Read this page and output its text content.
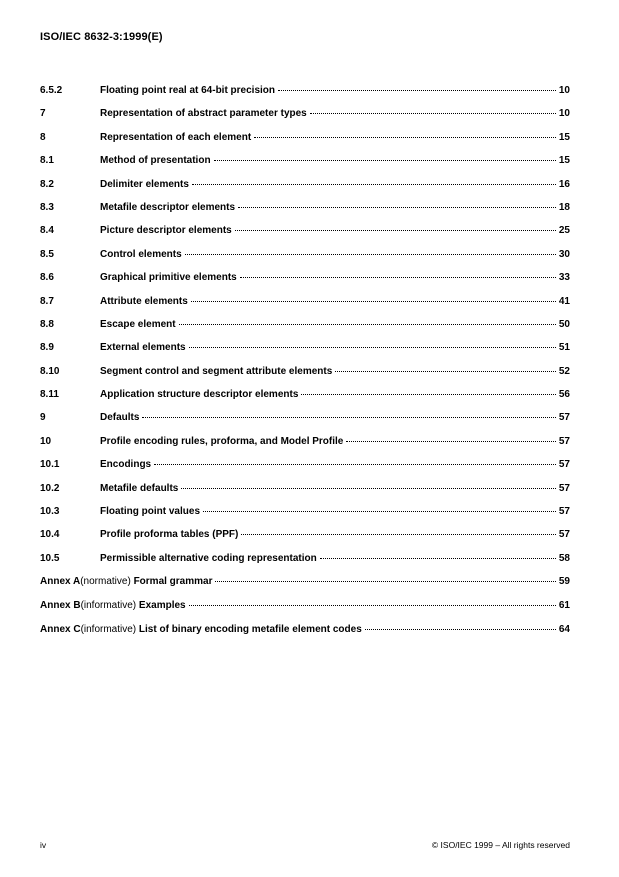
ISO/IEC 8632-3:1999(E)
6.5.2	Floating point real at 64-bit precision	10
7	Representation of abstract parameter types	10
8	Representation of each element	15
8.1	Method of presentation	15
8.2	Delimiter elements	16
8.3	Metafile descriptor elements	18
8.4	Picture descriptor elements	25
8.5	Control elements	30
8.6	Graphical primitive elements	33
8.7	Attribute elements	41
8.8	Escape element	50
8.9	External elements	51
8.10	Segment control and segment attribute elements	52
8.11	Application structure descriptor elements	56
9	Defaults	57
10	Profile encoding rules, proforma, and Model Profile	57
10.1	Encodings	57
10.2	Metafile defaults	57
10.3	Floating point values	57
10.4	Profile proforma tables (PPF)	57
10.5	Permissible alternative coding representation	58
Annex A (normative) Formal grammar	59
Annex B (informative) Examples	61
Annex C (informative) List of binary encoding metafile element codes	64
iv	© ISO/IEC 1999 – All rights reserved
